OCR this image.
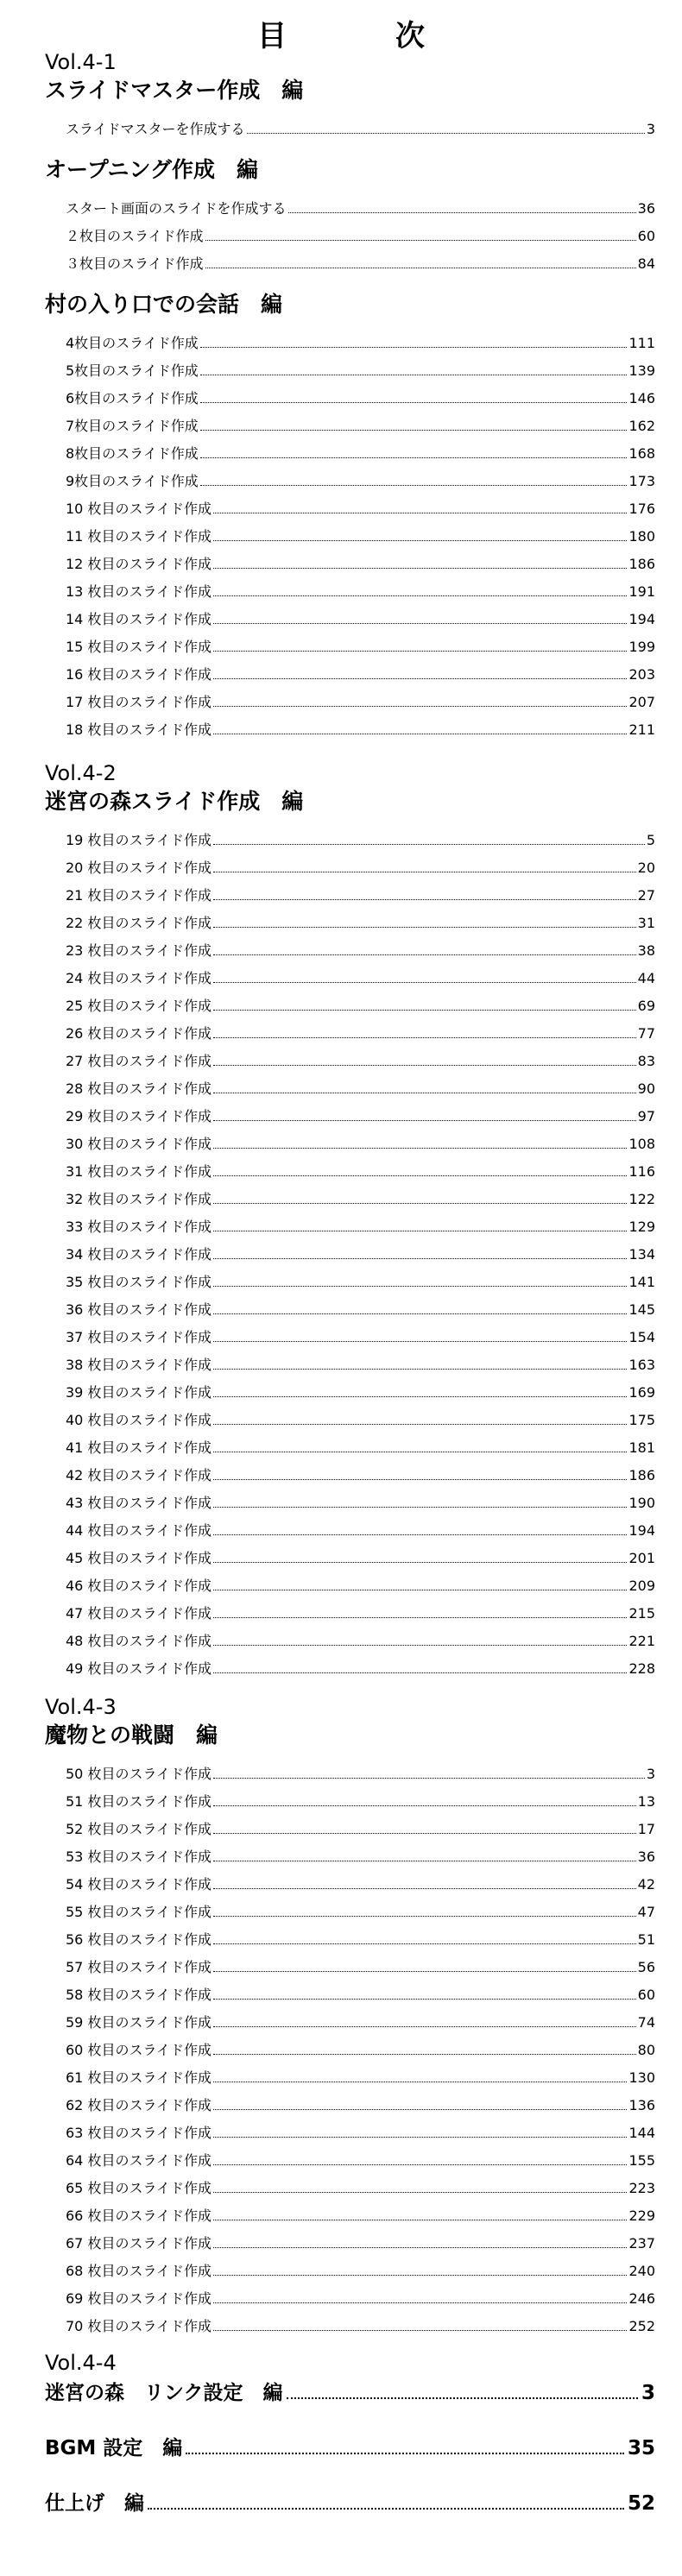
目　次
Vol.4-1
スライドマスター作成　編
スライドマスターを作成する	3
オープニング作成　編
スタート画面のスライドを作成する	36
２枚目のスライド作成	60
３枚目のスライド作成	84
村の入り口での会話　編
4枚目のスライド作成	111
5枚目のスライド作成	139
6枚目のスライド作成	146
7枚目のスライド作成	162
8枚目のスライド作成	168
9枚目のスライド作成	173
10 枚目のスライド作成	176
11 枚目のスライド作成	180
12 枚目のスライド作成	186
13 枚目のスライド作成	191
14 枚目のスライド作成	194
15 枚目のスライド作成	199
16 枚目のスライド作成	203
17 枚目のスライド作成	207
18 枚目のスライド作成	211
Vol.4-2
迷宮の森スライド作成　編
19 枚目のスライド作成	5
20 枚目のスライド作成	20
21 枚目のスライド作成	27
22 枚目のスライド作成	31
23 枚目のスライド作成	38
24 枚目のスライド作成	44
25 枚目のスライド作成	69
26 枚目のスライド作成	77
27 枚目のスライド作成	83
28 枚目のスライド作成	90
29 枚目のスライド作成	97
30 枚目のスライド作成	108
31 枚目のスライド作成	116
32 枚目のスライド作成	122
33 枚目のスライド作成	129
34 枚目のスライド作成	134
35 枚目のスライド作成	141
36 枚目のスライド作成	145
37 枚目のスライド作成	154
38 枚目のスライド作成	163
39 枚目のスライド作成	169
40 枚目のスライド作成	175
41 枚目のスライド作成	181
42 枚目のスライド作成	186
43 枚目のスライド作成	190
44 枚目のスライド作成	194
45 枚目のスライド作成	201
46 枚目のスライド作成	209
47 枚目のスライド作成	215
48 枚目のスライド作成	221
49 枚目のスライド作成	228
Vol.4-3
魔物との戦闘　編
50 枚目のスライド作成	3
51 枚目のスライド作成	13
52 枚目のスライド作成	17
53 枚目のスライド作成	36
54 枚目のスライド作成	42
55 枚目のスライド作成	47
56 枚目のスライド作成	51
57 枚目のスライド作成	56
58 枚目のスライド作成	60
59 枚目のスライド作成	74
60 枚目のスライド作成	80
61 枚目のスライド作成	130
62 枚目のスライド作成	136
63 枚目のスライド作成	144
64 枚目のスライド作成	155
65 枚目のスライド作成	223
66 枚目のスライド作成	229
67 枚目のスライド作成	237
68 枚目のスライド作成	240
69 枚目のスライド作成	246
70 枚目のスライド作成	252
Vol.4-4
迷宮の森　リンク設定　編	3
BGM 設定　編	35
仕上げ　編	52
